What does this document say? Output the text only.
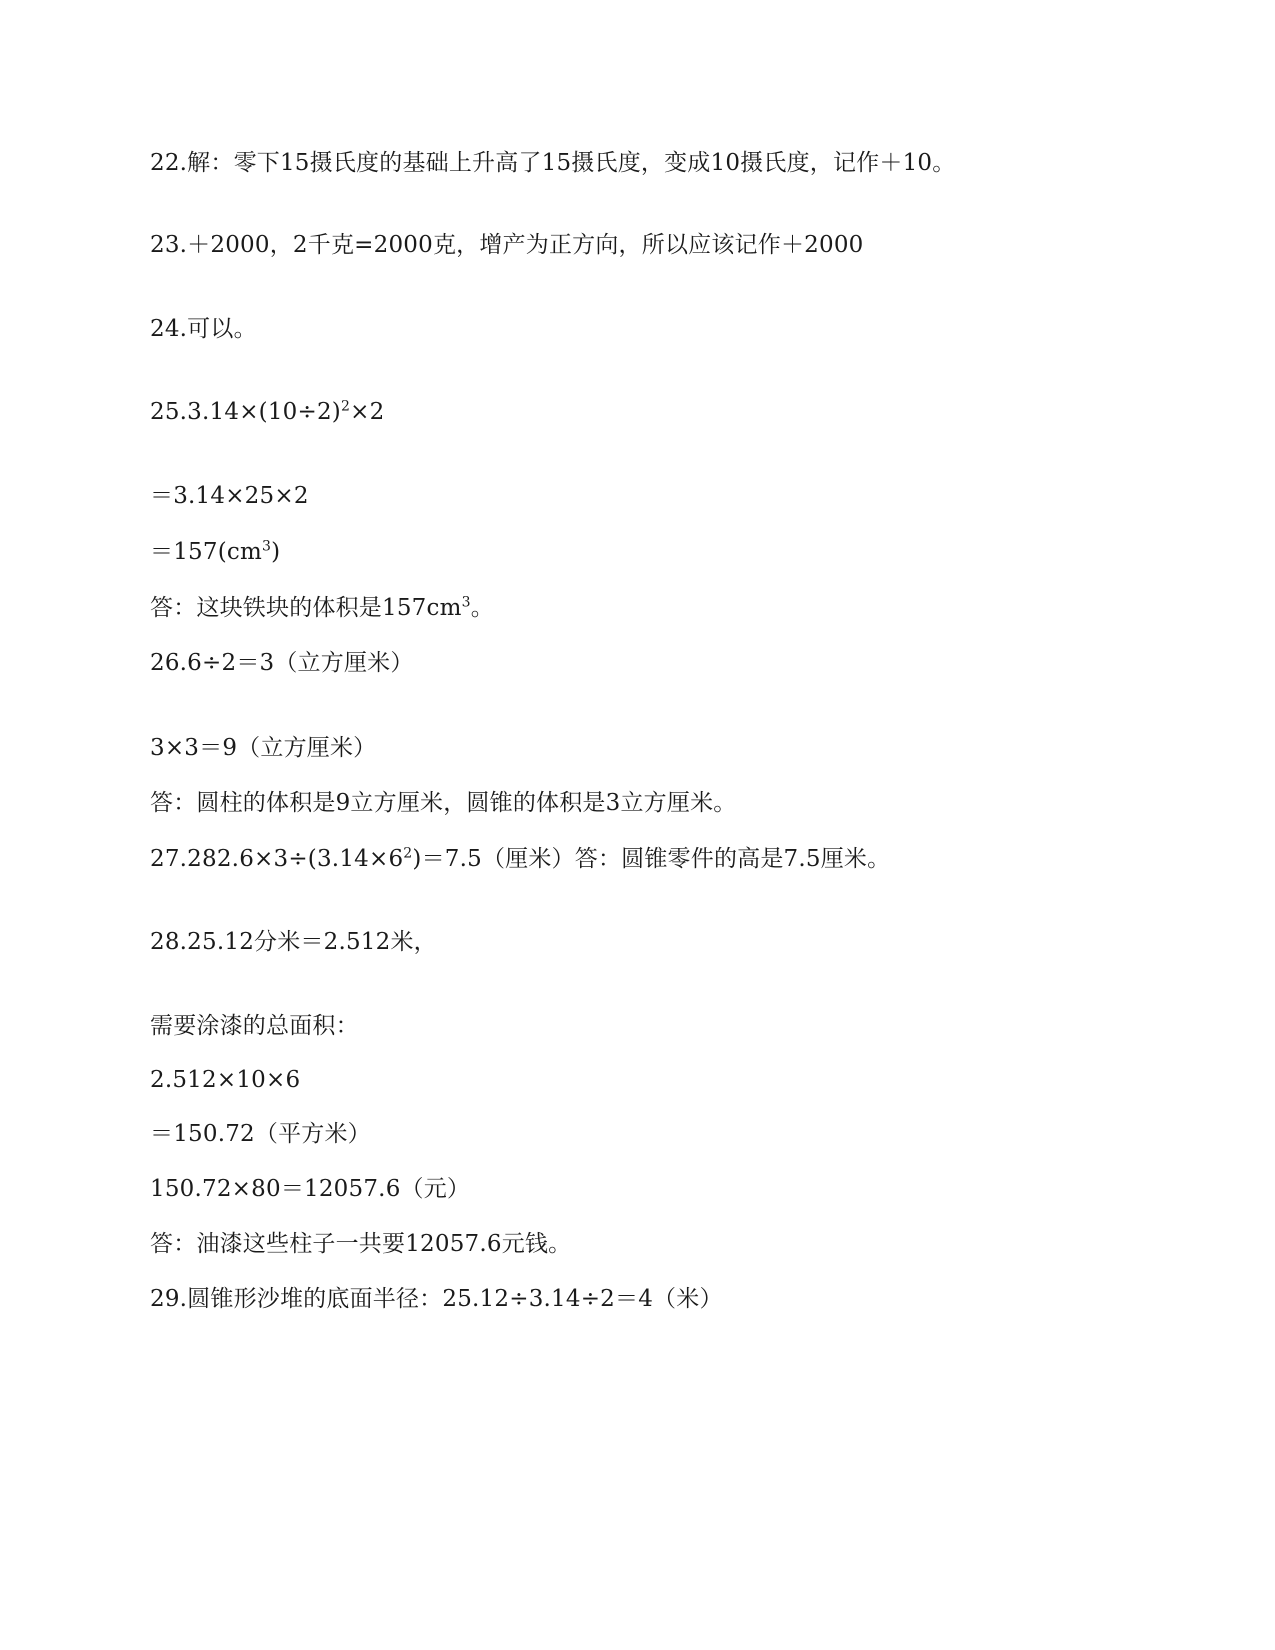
22.解：零下15摄氏度的基础上升高了15摄氏度，变成10摄氏度，记作＋10。
23.＋2000，2千克=2000克，增产为正方向，所以应该记作＋2000
24.可以。
$25.3.14\times(10\div 2)^2\times 2$
＝3.14×25×2
$=157(cm^3)$
答：这块铁块的体积是$157cm^3$。
26.6÷2＝3（立方厘米）
3×3＝9（立方厘米）
答：圆柱的体积是9立方厘米，圆锥的体积是3立方厘米。
$27.282.6\times 3\div(3.14\times 6^2)=7.5$（厘米）答：圆锥零件的高是7.5厘米。
28.25.12分米＝2.512米，
需要涂漆的总面积：
2.512×10×6
＝150.72（平方米）
150.72×80＝12057.6（元）
答：油漆这些柱子一共要12057.6元钱。
29.圆锥形沙堆的底面半径：25.12÷3.14÷2＝4（米）
